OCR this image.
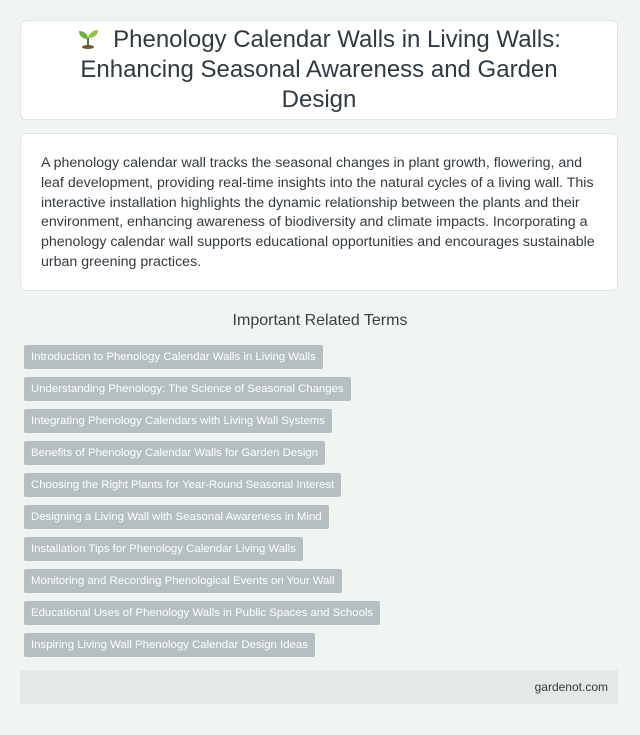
Phenology Calendar Walls in Living Walls: Enhancing Seasonal Awareness and Garden Design

A phenology calendar wall tracks the seasonal changes in plant growth, flowering, and leaf development, providing real-time insights into the natural cycles of a living wall. This interactive installation highlights the dynamic relationship between the plants and their environment, enhancing awareness of biodiversity and climate impacts. Incorporating a phenology calendar wall supports educational opportunities and encourages sustainable urban greening practices.

Important Related Terms
Introduction to Phenology Calendar Walls in Living Walls
Understanding Phenology: The Science of Seasonal Changes
Integrating Phenology Calendars with Living Wall Systems
Benefits of Phenology Calendar Walls for Garden Design
Choosing the Right Plants for Year-Round Seasonal Interest
Designing a Living Wall with Seasonal Awareness in Mind
Installation Tips for Phenology Calendar Living Walls
Monitoring and Recording Phenological Events on Your Wall
Educational Uses of Phenology Walls in Public Spaces and Schools
Inspiring Living Wall Phenology Calendar Design Ideas
gardenot.com
